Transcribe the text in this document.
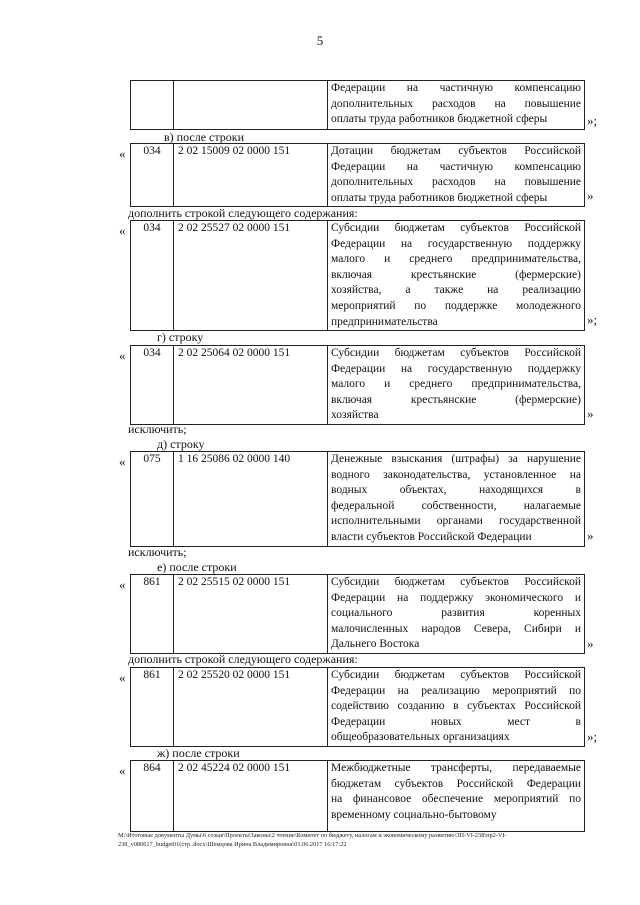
5

Федерации на частичную компенсацию
дополнительных расходов на повышение
оплаты труда работников бюджетной сферы	»;
в) после строки
« 034	2 02 15009 02 0000 151	Дотации бюджетам субъектов Российской
Федерации на частичную компенсацию
дополнительных расходов на повышение
оплаты труда работников бюджетной сферы	»
дополнить строкой следующего содержания:
« 034	2 02 25527 02 0000 151	Субсидии бюджетам субъектов Российской
Федерации на государственную поддержку
малого и среднего предпринимательства,
включая крестьянские (фермерские)
хозяйства, а также на реализацию
мероприятий по поддержке молодежного
предпринимательства	»;
г) строку
« 034	2 02 25064 02 0000 151	Субсидии бюджетам субъектов Российской
Федерации на государственную поддержку
малого и среднего предпринимательства,
включая крестьянские (фермерские)
хозяйства	»
исключить;
д) строку
« 075	1 16 25086 02 0000 140	Денежные взыскания (штрафы) за нарушение
водного законодательства, установленное на
водных объектах, находящихся в
федеральной собственности, налагаемые
исполнительными органами государственной
власти субъектов Российской Федерации	»
исключить;
е) после строки
« 861	2 02 25515 02 0000 151	Субсидии бюджетам субъектов Российской
Федерации на поддержку экономического и
социального развития коренных
малочисленных народов Севера, Сибири и
Дальнего Востока	»
дополнить строкой следующего содержания:
« 861	2 02 25520 02 0000 151	Субсидии бюджетам субъектов Российской
Федерации на реализацию мероприятий по
содействию созданию в субъектах Российской
Федерации новых мест в
общеобразовательных организациях	»;
ж) после строки
« 864	2 02 45224 02 0000 151	Межбюджетные трансферты, передаваемые
бюджетам субъектов Российской Федерации
на финансовое обеспечение мероприятий по
временному социально-бытовому
M:\Итоговые документы Думы\6 созыв\Проекты\Законы\2 чтение\Комитет по бюджету, налогам и экономическому развитию\ЗП-VI-238\пр2-VI-238_v080617_budget01(стр..docx\Шемцова Ирина Владимировна\01.06.2017 16:17:22
